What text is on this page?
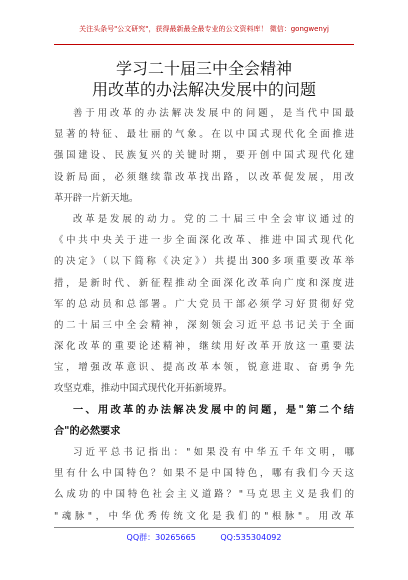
关注头条号"公文研究"，获得最新最全最专业的公文资料库！ 微信：gongwenyj
学习二十届三中全会精神
用改革的办法解决发展中的问题
善于用改革的办法解决发展中的问题，是当代中国最
显著的特征、最壮丽的气象。在以中国式现代化全面推进
强国建设、民族复兴的关键时期，要开创中国式现代化建
设新局面，必须继续靠改革找出路，以改革促发展，用改
革开辟一片新天地。
改革是发展的动力。党的二十届三中全会审议通过的
《中共中央关于进一步全面深化改革、推进中国式现代化
的决定》（以下简称《决定》）共提出300多项重要改革举
措，是新时代、新征程推动全面深化改革向广度和深度进
军的总动员和总部署。广大党员干部必须学习好贯彻好党
的二十届三中全会精神，深刻领会习近平总书记关于全面
深化改革的重要论述精神，继续用好改革开放这一重要法
宝，增强改革意识、提高改革本领，锐意进取、奋勇争先
攻坚克难，推动中国式现代化开拓新境界。
一、用改革的办法解决发展中的问题，是"第二个结
合"的必然要求
习近平总书记指出："如果没有中华五千年文明，哪
里有什么中国特色？如果不是中国特色，哪有我们今天这
么成功的中国特色社会主义道路？"马克思主义是我们的
"魂脉"，中华优秀传统文化是我们的"根脉"。用改革
QQ群：30265665	QQ:535304092
